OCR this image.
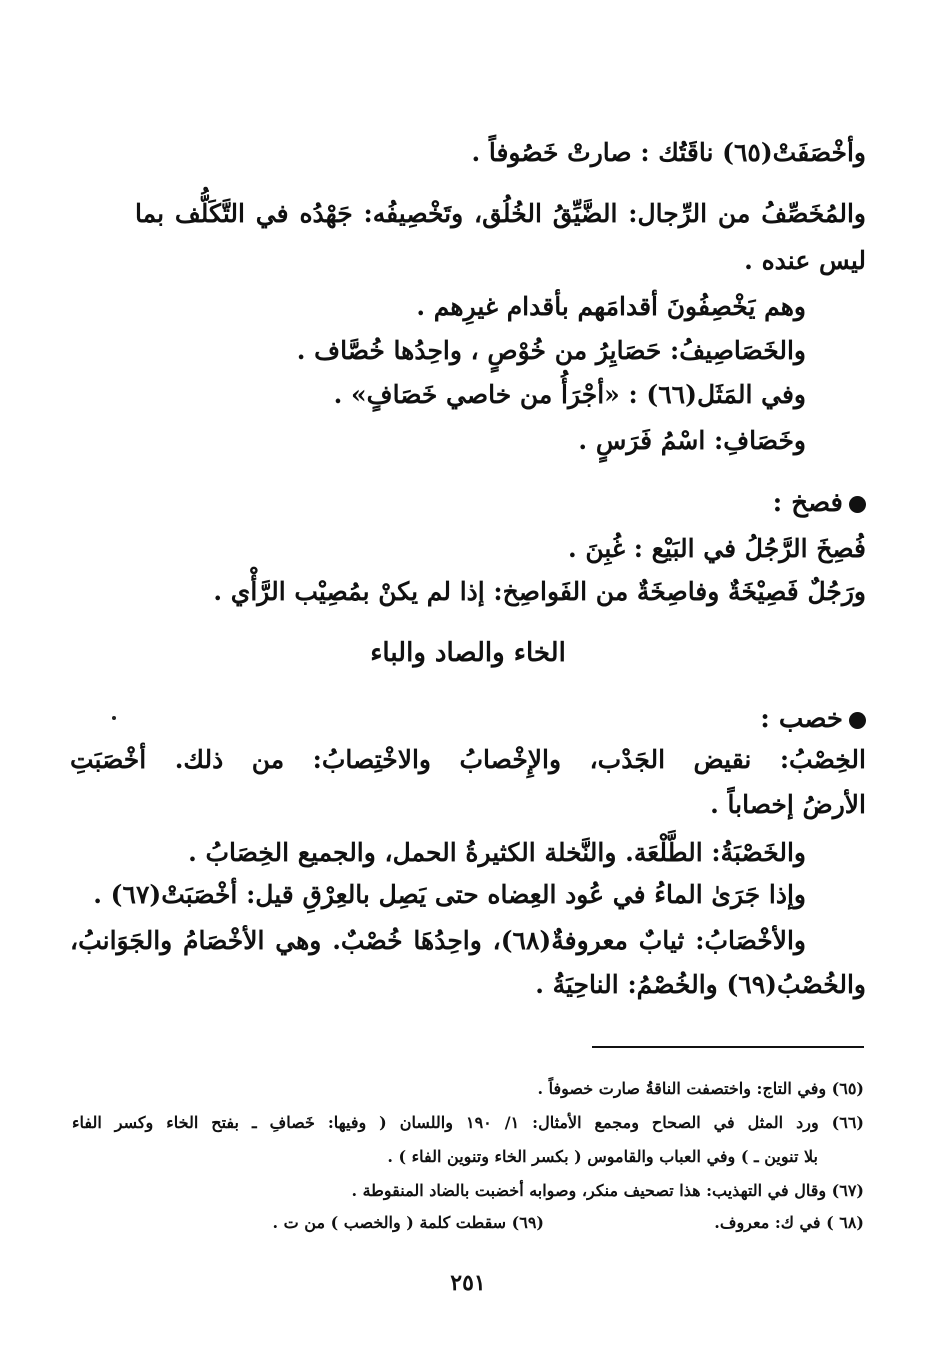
وأخْصَفَتْ(٦٥) ناقَتُك : صارتْ خَصُوفاً .
والمُخَصِّفُ من الرِّجال: الضَّيِّقُ الخُلُق، وتَخْصِيفُه: جَهْدُه في التَّكَلُّف بما
ليس عنده .
وهم يَخْصِفُونَ أقدامَهم بأقدام غيرِهم .
والخَصَاصِيفُ: حَصَايِرُ من خُوْصٍ ، واحِدُها خُصَّاف .
وفي المَثَل(٦٦) : «أجْرَأُ من خاصي خَصَافٍ» .
وخَصَافِ: اسْمُ فَرَسٍ .
فصخ :
فُصِخَ الرَّجُلُ في البَيْع : غُبِنَ .
ورَجُلٌ فَصِيْخَةٌ وفاصِخَةٌ من الفَواصِخ: إذا لم يكنْ بمُصِيْب الرَّأْي .
الخاء والصاد والباء
خصب :
الخِصْبُ: نقيض الجَدْب، والإِخْصابُ والاخْتِصابُ: من ذلك. أخْصَبَتِ
الأرضُ إخصاباً .
والخَصْبَةُ: الطَّلْعَة. والنَّخلة الكثيرةُ الحمل، والجميع الخِصَابُ .
وإذا جَرَىٰ الماءُ في عُود العِضاه حتى يَصِل بالعِرْقِ قيل: أخْصَبَتْ(٦٧) .
والأخْصَابُ: ثيابٌ معروفةٌ(٦٨)، واحِدُهَا خُصْبٌ. وهي الأخْصَامُ والجَوَانبُ،
والخُصْبُ(٦٩) والخُصْمُ: الناحِيَةُ .
(٦٥) وفي التاج: واختصفت الناقةُ صارت خصوفاً .
(٦٦) ورد المثل في الصحاح ومجمع الأمثال: ١/ ١٩٠ واللسان ( وفيها: خَصافِ ـ بفتح الخاء وكسر الفاء
بلا تنوين ـ ) وفي العباب والقاموس ( بكسر الخاء وتنوين الفاء ) .
(٦٧) وقال في التهذيب: هذا تصحيف منكر، وصوابه أخضبت بالضاد المنقوطة .
(٦٨ ) في ك: معروف.
(٦٩) سقطت كلمة ( والخصب ) من ت .
٢٥١
